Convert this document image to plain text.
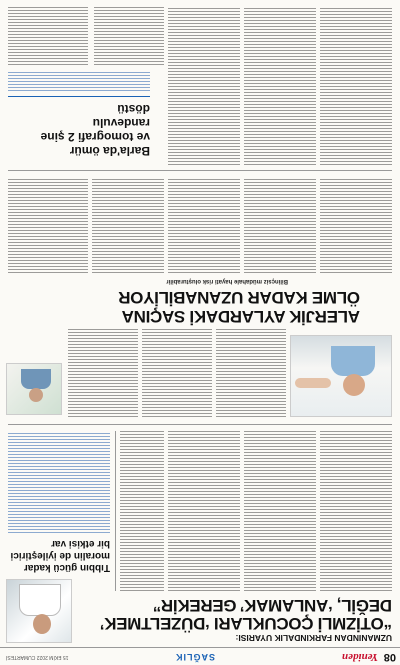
08
Yeniden
SAĞLIK
15 EKİM 2022 CUMARTESİ
UZMANINDAN FARKINDALIK UYARISI:
“OTİZMLİ ÇOCUKLARI ‘DÜZELTMEK’
DEĞİL, ‘ANLAMAK’ GEREKİR”
Tıbbın gücü kadar
moralin de iyileştirici
bir etkisi var
ALERJİK AYLARDAKİ SAÇINA
ÖLME KADAR UZANABİLİYOR
Bilinçsiz müdahale hayati risk oluşturabilir
Barla'da ömür
ve tomografi 2 şine
randevulu
döstü
